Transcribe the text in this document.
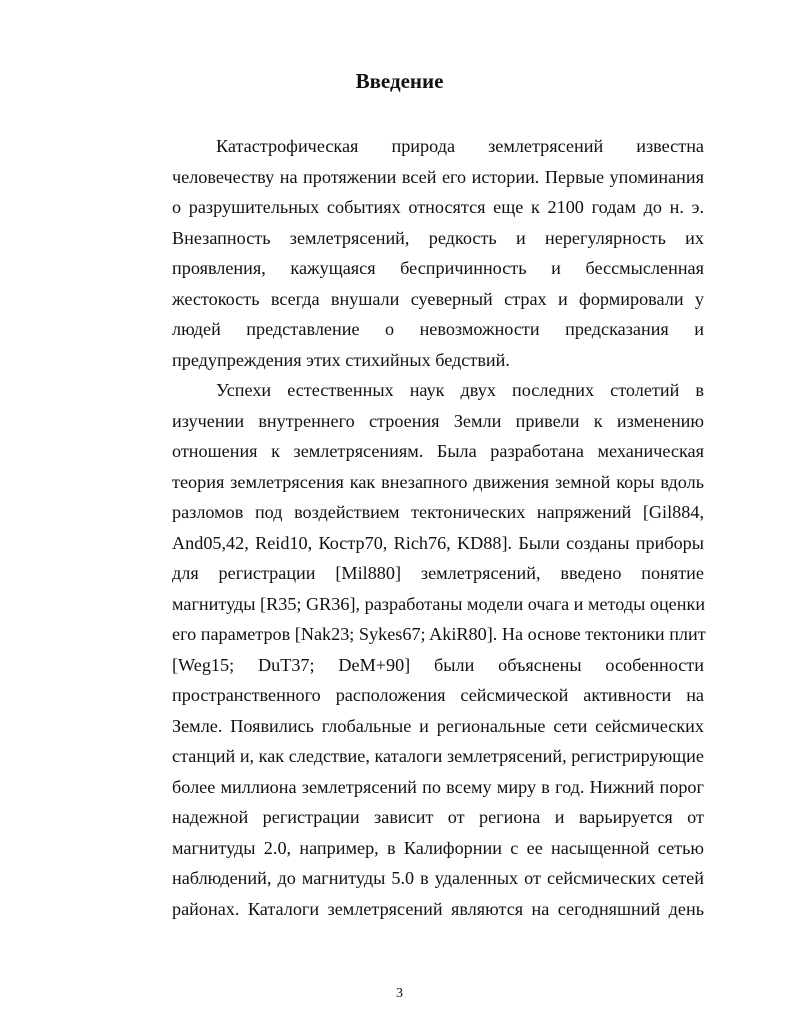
Введение
Катастрофическая природа землетрясений известна
человечеству на протяжении всей его истории. Первые упоминания
о разрушительных событиях относятся еще к 2100 годам до н. э.
Внезапность землетрясений, редкость и нерегулярность их
проявления, кажущаяся беспричинность и бессмысленная
жестокость всегда внушали суеверный страх и формировали у
людей представление о невозможности предсказания и
предупреждения этих стихийных бедствий.
Успехи естественных наук двух последних столетий в
изучении внутреннего строения Земли привели к изменению
отношения к землетрясениям. Была разработана механическая
теория землетрясения как внезапного движения земной коры вдоль
разломов под воздействием тектонических напряжений [Gil884,
And05,42, Reid10, Костр70, Rich76, KD88]. Были созданы приборы
для регистрации [Mil880] землетрясений, введено понятие
магнитуды [R35; GR36], разработаны модели очага и методы оценки
его параметров [Nak23; Sykes67; AkiR80]. На основе тектоники плит
[Weg15; DuT37; DeM+90] были объяснены особенности
пространственного расположения сейсмической активности на
Земле. Появились глобальные и региональные сети сейсмических
станций и, как следствие, каталоги землетрясений, регистрирующие
более миллиона землетрясений по всему миру в год. Нижний порог
надежной регистрации зависит от региона и варьируется от
магнитуды 2.0, например, в Калифорнии с ее насыщенной сетью
наблюдений, до магнитуды 5.0 в удаленных от сейсмических сетей
районах. Каталоги землетрясений являются на сегодняшний день
3
